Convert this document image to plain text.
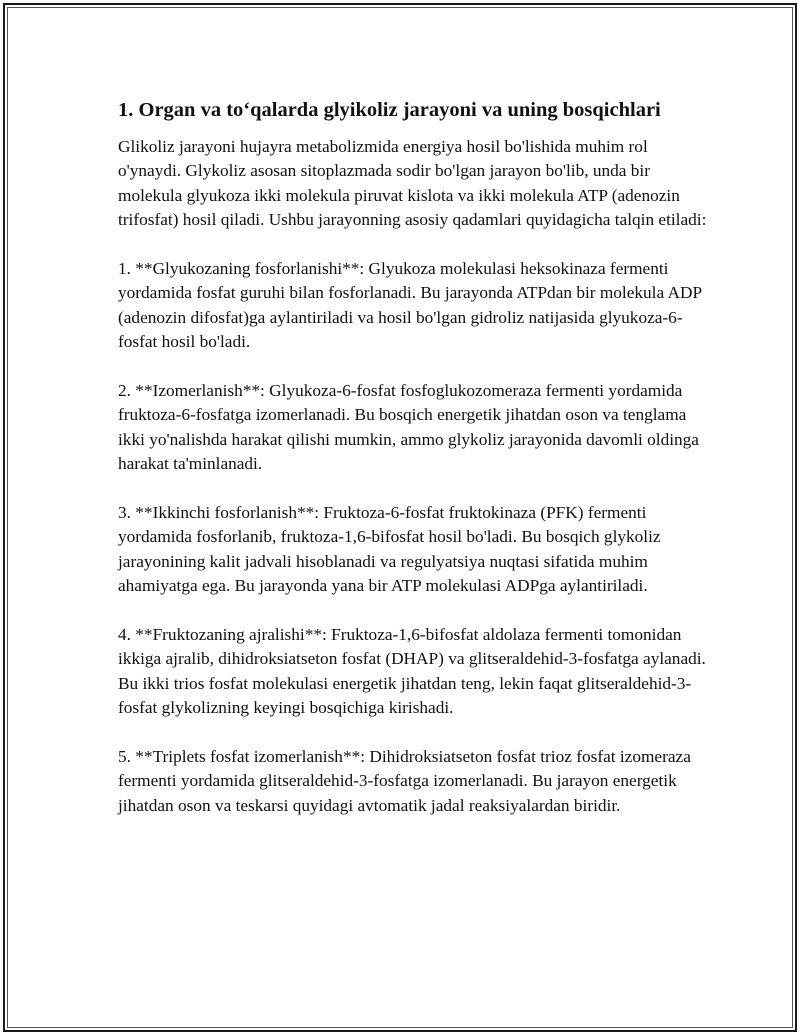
1. Organ va to‘qalarda glyikoliz jarayoni va uning bosqichlari

Glikoliz jarayoni hujayra metabolizmida energiya hosil bo'lishida muhim rol o'ynaydi. Glykoliz asosan sitoplazmada sodir bo'lgan jarayon bo'lib, unda bir molekula glyukoza ikki molekula piruvat kislota va ikki molekula ATP (adenozin trifosfat) hosil qiladi. Ushbu jarayonning asosiy qadamlari quyidagicha talqin etiladi:

1. **Glyukozaning fosforlanishi**: Glyukoza molekulasi heksokinaza fermenti yordamida fosfat guruhi bilan fosforlanadi. Bu jarayonda ATPdan bir molekula ADP (adenozin difosfat)ga aylantiriladi va hosil bo'lgan gidroliz natijasida glyukoza-6-fosfat hosil bo'ladi.

2. **Izomerlanish**: Glyukoza-6-fosfat fosfoglukozomeraza fermenti yordamida fruktoza-6-fosfatga izomerlanadi. Bu bosqich energetik jihatdan oson va tenglama ikki yo'nalishda harakat qilishi mumkin, ammo glykoliz jarayonida davomli oldinga harakat ta'minlanadi.

3. **Ikkinchi fosforlanish**: Fruktoza-6-fosfat fruktokinaza (PFK) fermenti yordamida fosforlanib, fruktoza-1,6-bifosfat hosil bo'ladi. Bu bosqich glykoliz jarayonining kalit jadvali hisoblanadi va regulyatsiya nuqtasi sifatida muhim ahamiyatga ega. Bu jarayonda yana bir ATP molekulasi ADPga aylantiriladi.

4. **Fruktozaning ajralishi**: Fruktoza-1,6-bifosfat aldolaza fermenti tomonidan ikkiga ajralib, dihidroksiatseton fosfat (DHAP) va glitseraldehid-3-fosfatga aylanadi. Bu ikki trios fosfat molekulasi energetik jihatdan teng, lekin faqat glitseraldehid-3-fosfat glykolizning keyingi bosqichiga kirishadi.

5. **Triplets fosfat izomerlanish**: Dihidroksiatseton fosfat trioz fosfat izomeraza fermenti yordamida glitseraldehid-3-fosfatga izomerlanadi. Bu jarayon energetik jihatdan oson va teskarsi quyidagi avtomatik jadal reaksiyalardan biridir.
